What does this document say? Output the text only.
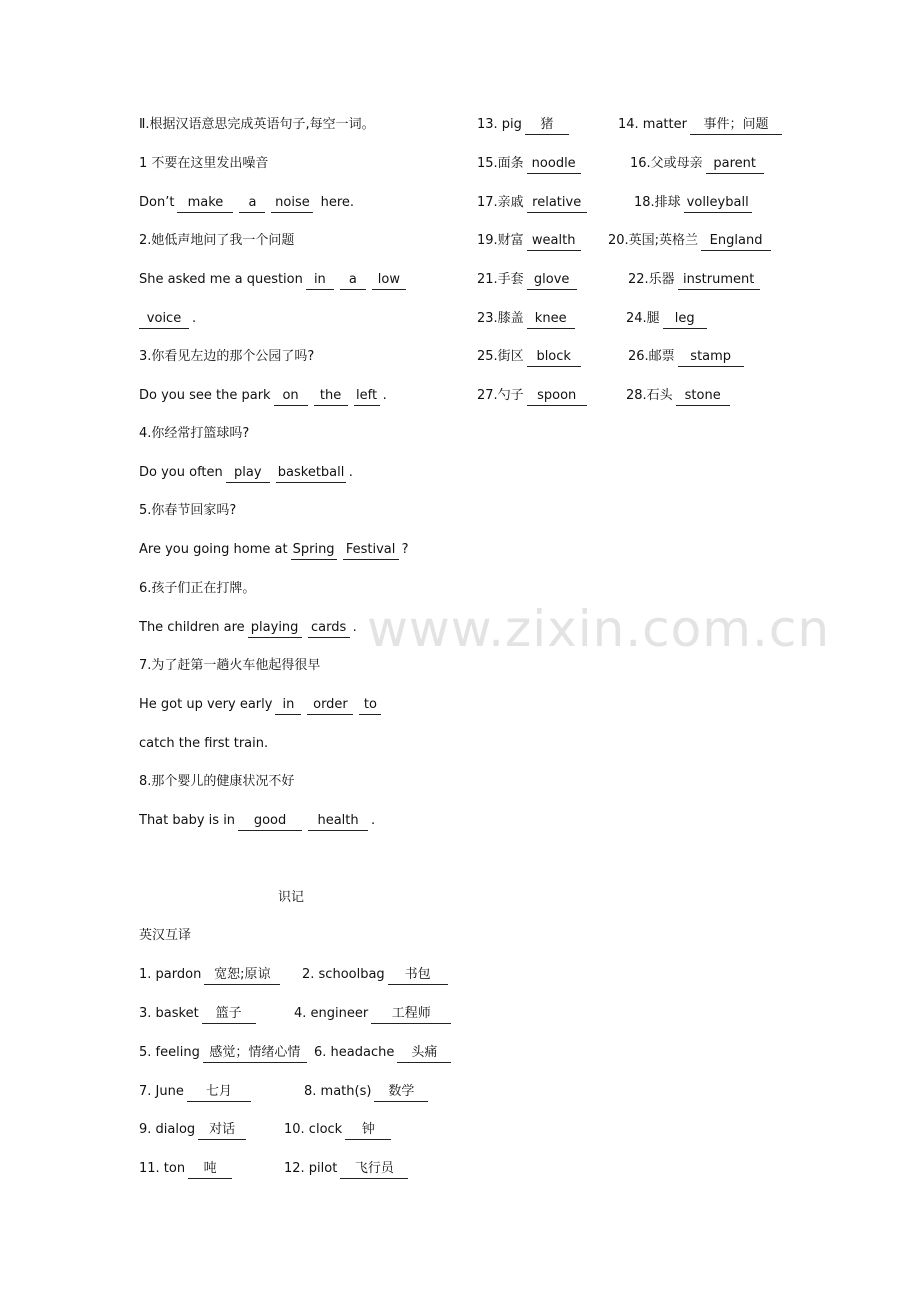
www.zixin.com.cn
Ⅱ.根据汉语意思完成英语句子,每空一词。
1 不要在这里发出噪音
Don’t make a noise here.
2.她低声地问了我一个问题
She asked me a question in a low
voice .
3.你看见左边的那个公园了吗?
Do you see the park on the left .
4.你经常打篮球吗?
Do you often play basketball .
5.你春节回家吗?
Are you going home at Spring Festival ?
6.孩子们正在打牌。
The children are playing cards .
7.为了赶第一趟火车他起得很早
He got up very early in order to
catch the first train.
8.那个婴儿的健康状况不好
That baby is in good health .
识记
英汉互译
1. pardon 宽恕;原谅	2. schoolbag 书包
3. basket 篮子	4. engineer 工程师
5. feeling 感觉；情绪心情	6. headache 头痛
7. June 七月	8. math(s) 数学
9. dialog 对话	10. clock 钟
11. ton 吨	12. pilot 飞行员
13. pig 猪	14. matter 事件；问题
15.面条 noodle	16.父或母亲 parent
17.亲戚 relative	18.排球 volleyball
19.财富 wealth	20.英国;英格兰 England
21.手套 glove	22.乐器 instrument
23.膝盖 knee	24.腿 leg
25.街区 block	26.邮票 stamp
27.勺子 spoon	28.石头 stone
